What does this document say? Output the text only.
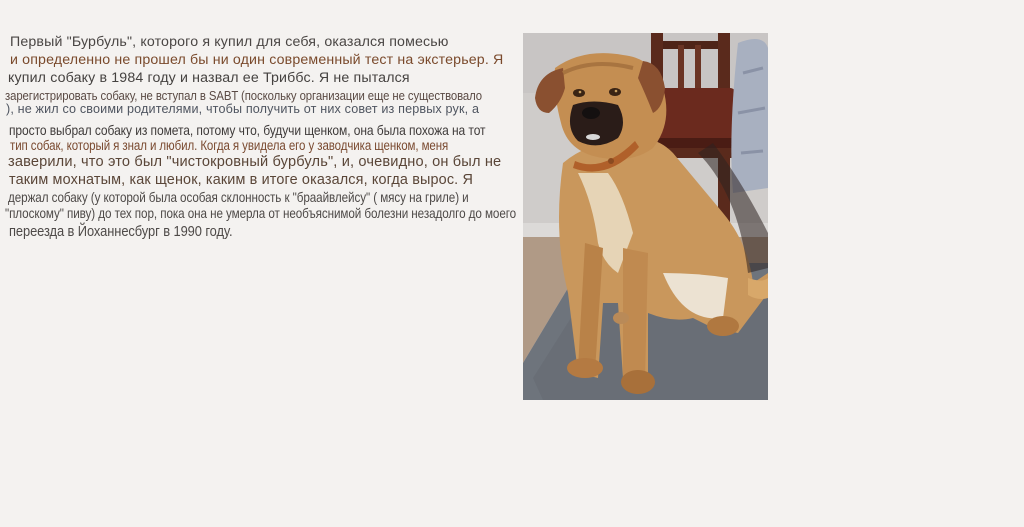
Первый "Бурбуль", которого я купил для себя, оказался помесью
и определенно не прошел бы ни один современный тест на экстерьер. Я
купил собаку в 1984 году и назвал ее Триббс. Я не пытался
зарегистрировать собаку, не вступал в SABT (поскольку организации еще не существовало
), не жил со своими родителями, чтобы получить от них совет из первых рук, а
просто выбрал собаку из помета, потому что, будучи щенком, она была похожа на тот
тип собак, который я знал и любил. Когда я увидела его у заводчика щенком, меня
заверили, что это был "чистокровный бурбуль", и, очевидно, он был не
таким мохнатым, как щенок, каким в итоге оказался, когда вырос. Я
держал собаку (у которой была особая склонность к "браайвлейсу" ( мясу на гриле) и
"плоскому" пиву) до тех пор, пока она не умерла от необъяснимой болезни незадолго до моего
переезда в Йоханнесбург в 1990 году.
